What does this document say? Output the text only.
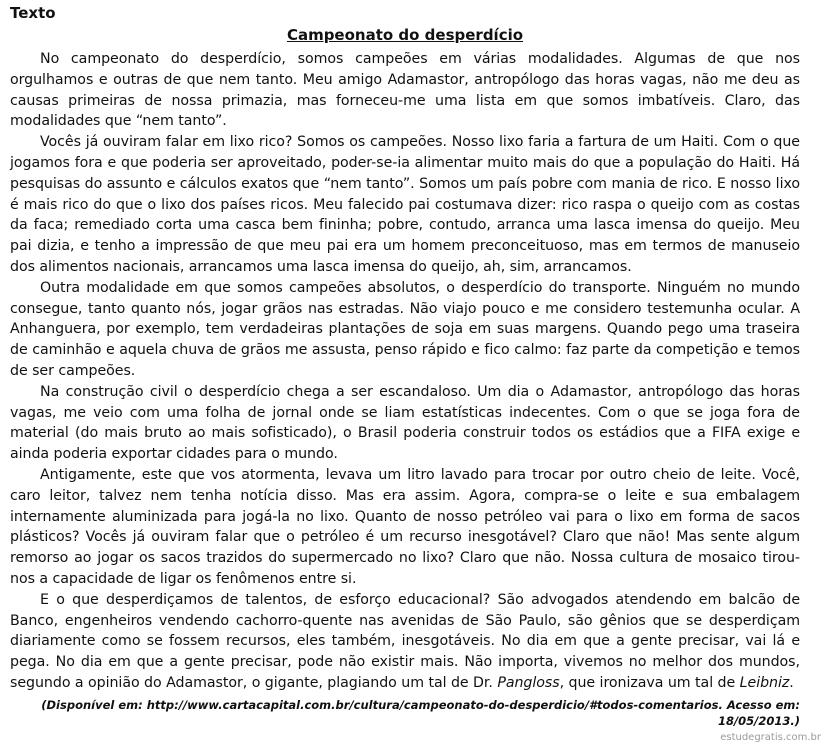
Texto
Campeonato do desperdício

No campeonato do desperdício, somos campeões em várias modalidades. Algumas de que nos orgulhamos e outras de que nem tanto. Meu amigo Adamastor, antropólogo das horas vagas, não me deu as causas primeiras de nossa primazia, mas forneceu-me uma lista em que somos imbatíveis. Claro, das modalidades que “nem tanto”.

Vocês já ouviram falar em lixo rico? Somos os campeões. Nosso lixo faria a fartura de um Haiti. Com o que jogamos fora e que poderia ser aproveitado, poder-se-ia alimentar muito mais do que a população do Haiti. Há pesquisas do assunto e cálculos exatos que “nem tanto”. Somos um país pobre com mania de rico. E nosso lixo é mais rico do que o lixo dos países ricos. Meu falecido pai costumava dizer: rico raspa o queijo com as costas da faca; remediado corta uma casca bem fininha; pobre, contudo, arranca uma lasca imensa do queijo. Meu pai dizia, e tenho a impressão de que meu pai era um homem preconceituoso, mas em termos de manuseio dos alimentos nacionais, arrancamos uma lasca imensa do queijo, ah, sim, arrancamos.

Outra modalidade em que somos campeões absolutos, o desperdício do transporte. Ninguém no mundo consegue, tanto quanto nós, jogar grãos nas estradas. Não viajo pouco e me considero testemunha ocular. A Anhanguera, por exemplo, tem verdadeiras plantações de soja em suas margens. Quando pego uma traseira de caminhão e aquela chuva de grãos me assusta, penso rápido e fico calmo: faz parte da competição e temos de ser campeões.

Na construção civil o desperdício chega a ser escandaloso. Um dia o Adamastor, antropólogo das horas vagas, me veio com uma folha de jornal onde se liam estatísticas indecentes. Com o que se joga fora de material (do mais bruto ao mais sofisticado), o Brasil poderia construir todos os estádios que a FIFA exige e ainda poderia exportar cidades para o mundo.

Antigamente, este que vos atormenta, levava um litro lavado para trocar por outro cheio de leite. Você, caro leitor, talvez nem tenha notícia disso. Mas era assim. Agora, compra-se o leite e sua embalagem internamente aluminizada para jogá-la no lixo. Quanto de nosso petróleo vai para o lixo em forma de sacos plásticos? Vocês já ouviram falar que o petróleo é um recurso inesgotável? Claro que não! Mas sente algum remorso ao jogar os sacos trazidos do supermercado no lixo? Claro que não. Nossa cultura de mosaico tirou-nos a capacidade de ligar os fenômenos entre si.

E o que desperdiçamos de talentos, de esforço educacional? São advogados atendendo em balcão de Banco, engenheiros vendendo cachorro-quente nas avenidas de São Paulo, são gênios que se desperdiçam diariamente como se fossem recursos, eles também, inesgotáveis. No dia em que a gente precisar, vai lá e pega. No dia em que a gente precisar, pode não existir mais. Não importa, vivemos no melhor dos mundos, segundo a opinião do Adamastor, o gigante, plagiando um tal de Dr. Pangloss, que ironizava um tal de Leibniz.

(Disponível em: http://www.cartacapital.com.br/cultura/campeonato-do-desperdicio/#todos-comentarios. Acesso em: 18/05/2013.)
estudegratis.com.br
